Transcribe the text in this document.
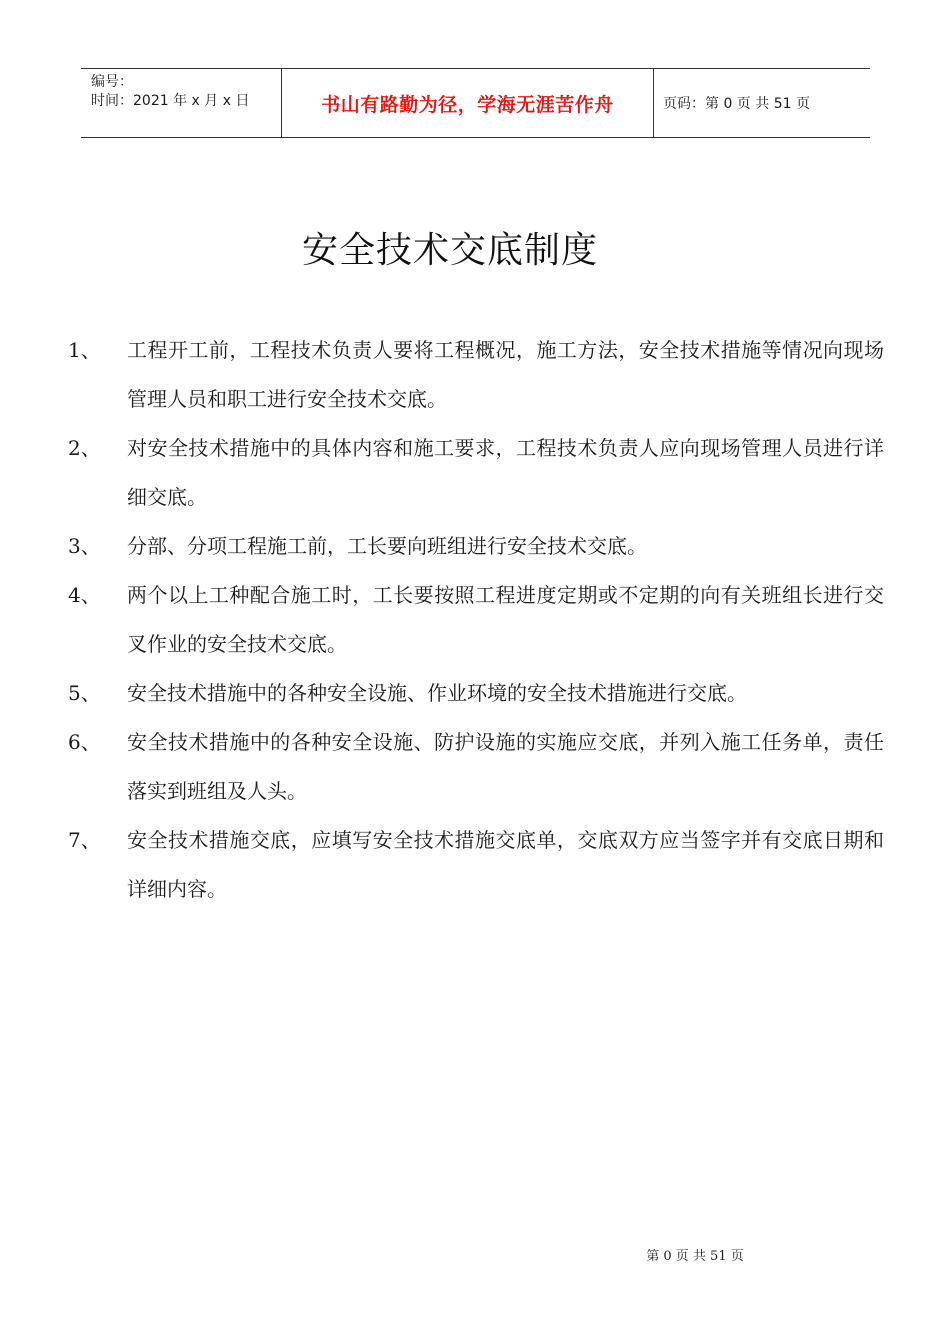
编号：
时间：2021 年 x 月 x 日	书山有路勤为径，学海无涯苦作舟	页码：第 0 页 共 51 页
安全技术交底制度
1、	工程开工前，工程技术负责人要将工程概况，施工方法，安全技术措施等情况向现场管理人员和职工进行安全技术交底。
2、	对安全技术措施中的具体内容和施工要求，工程技术负责人应向现场管理人员进行详细交底。
3、	分部、分项工程施工前，工长要向班组进行安全技术交底。
4、	两个以上工种配合施工时，工长要按照工程进度定期或不定期的向有关班组长进行交叉作业的安全技术交底。
5、	安全技术措施中的各种安全设施、作业环境的安全技术措施进行交底。
6、	安全技术措施中的各种安全设施、防护设施的实施应交底，并列入施工任务单，责任落实到班组及人头。
7、	安全技术措施交底，应填写安全技术措施交底单，交底双方应当签字并有交底日期和详细内容。
第 0 页 共 51 页
